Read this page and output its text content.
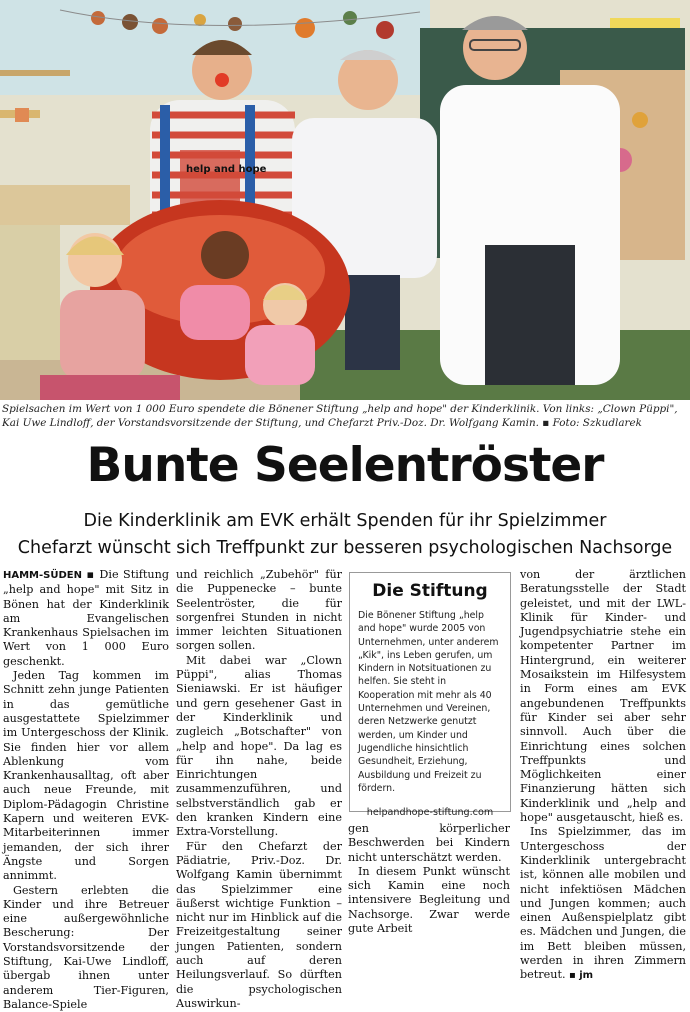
help and hope
Spielsachen im Wert von 1 000 Euro spendete die Bönener Stiftung „help and hope" der Kinderklinik. Von links: „Clown Püppi", Kai Uwe Lindloff, der Vorstandsvorsitzende der Stiftung, und Chefarzt Priv.-Doz. Dr. Wolfgang Kamin. ▪ Foto: Szkudlarek
Bunte Seelentröster
Die Kinderklinik am EVK erhält Spenden für ihr Spielzimmer
Chefarzt wünscht sich Treffpunkt zur besseren psychologischen Nachsorge

HAMM-SÜDEN ▪ Die Stiftung „help and hope" mit Sitz in Bönen hat der Kinderklinik am Evangelischen Krankenhaus Spielsachen im Wert von 1 000 Euro geschenkt.

Jeden Tag kommen im Schnitt zehn junge Patienten in das gemütliche ausgestattete Spielzimmer im Untergeschoss der Klinik. Sie finden hier vor allem Ablenkung vom Krankenhausalltag, oft aber auch neue Freunde, mit Diplom-Pädagogin Christine Kapern und weiteren EVK-Mitarbeiterinnen immer jemanden, der sich ihrer Ängste und Sorgen annimmt.

Gestern erlebten die Kinder und ihre Betreuer eine außergewöhnliche Bescherung: Der Vorstandsvorsitzende der Stiftung, Kai-Uwe Lindloff, übergab ihnen unter anderem Tier-Figuren, Balance-Spiele

und reichlich „Zubehör" für die Puppenecke – bunte Seelentröster, die für sorgenfrei Stunden in nicht immer leichten Situationen sorgen sollen.

Mit dabei war „Clown Püppi", alias Thomas Sieniawski. Er ist häufiger und gern gesehener Gast in der Kinderklinik und zugleich „Botschafter" von „help and hope". Da lag es für ihn nahe, beide Einrichtungen zusammenzuführen, und selbstverständlich gab er den kranken Kindern eine Extra-Vorstellung.

Für den Chefarzt der Pädiatrie, Priv.-Doz. Dr. Wolfgang Kamin übernimmt das Spielzimmer eine äußerst wichtige Funktion – nicht nur im Hinblick auf die Freizeitgestaltung seiner jungen Patienten, sondern auch auf deren Heilungsverlauf. So dürften die psychologischen Auswirkun-

Die Stiftung
Die Bönener Stiftung „help and hope" wurde 2005 von Unternehmen, unter anderem „Kik", ins Leben gerufen, um Kindern in Notsituationen zu helfen. Sie steht in Kooperation mit mehr als 40 Unternehmen und Vereinen, deren Netzwerke genutzt werden, um Kinder und Jugendliche hinsichtlich Gesundheit, Erziehung, Ausbildung und Freizeit zu fördern.
helpandhope-stiftung.com

gen körperlicher Beschwerden bei Kindern nicht unterschätzt werden.

In diesem Punkt wünscht sich Kamin eine noch intensivere Begleitung und Nachsorge. Zwar werde gute Arbeit

von der ärztlichen Beratungsstelle der Stadt geleistet, und mit der LWL-Klinik für Kinder- und Jugendpsychiatrie stehe ein kompetenter Partner im Hintergrund, ein weiterer Mosaikstein im Hilfesystem in Form eines am EVK angebundenen Treffpunkts für Kinder sei aber sehr sinnvoll. Auch über die Einrichtung eines solchen Treffpunkts und Möglichkeiten einer Finanzierung hätten sich Kinderklinik und „help and hope" ausgetauscht, hieß es.

Ins Spielzimmer, das im Untergeschoss der Kinderklinik untergebracht ist, können alle mobilen und nicht infektiösen Mädchen und Jungen kommen; auch einen Außenspielplatz gibt es. Mädchen und Jungen, die im Bett bleiben müssen, werden in ihren Zimmern betreut. ▪ jm
